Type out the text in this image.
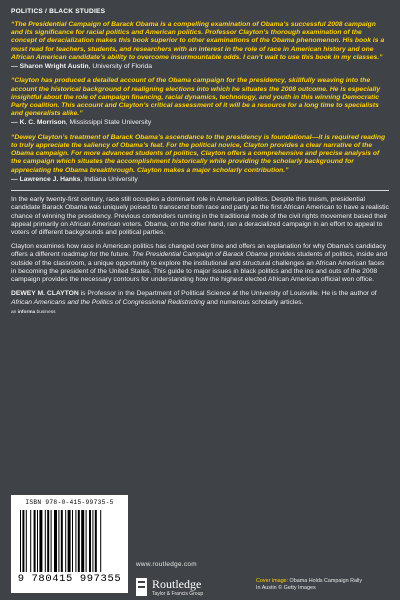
POLITICS / BLACK STUDIES

“The Presidential Campaign of Barack Obama is a compelling examination of Obama’s successful 2008 campaign and its significance for racial politics and American politics. Professor Clayton’s thorough examination of the concept of deracialization makes this book superior to other examinations of the Obama phenomenon. His book is a must read for teachers, students, and researchers with an interest in the role of race in American history and one African American candidate’s ability to overcome insurmountable odds. I can’t wait to use this book in my classes.”

— Sharon Wright Austin, University of Florida

“Clayton has produced a detailed account of the Obama campaign for the presidency, skillfully weaving into the account the historical background of realigning elections into which he situates the 2008 outcome. He is especially insightful about the role of campaign financing, racial dynamics, technology, and youth in this winning Democratic Party coalition. This account and Clayton’s critical assessment of it will be a resource for a long time to specialists and generalists alike.”

— K. C. Morrison, Mississippi State University

“Dewey Clayton’s treatment of Barack Obama’s ascendance to the presidency is foundational—it is required reading to truly appreciate the saliency of Obama’s feat. For the political novice, Clayton provides a clear narrative of the Obama campaign. For more advanced students of politics, Clayton offers a comprehensive and precise analysis of the campaign which situates the accomplishment historically while providing the scholarly background for appreciating the Obama breakthrough. Clayton makes a major scholarly contribution.”

— Lawrence J. Hanks, Indiana University

In the early twenty-first century, race still occupies a dominant role in American politics. Despite this truism, presidential candidate Barack Obama was uniquely poised to transcend both race and party as the first African American to have a realistic chance of winning the presidency. Previous contenders running in the traditional mode of the civil rights movement based their appeal primarily on African American voters. Obama, on the other hand, ran a deracialized campaign in an effort to appeal to voters of different backgrounds and political parties.

Clayton examines how race in American politics has changed over time and offers an explanation for why Obama’s candidacy offers a different roadmap for the future. The Presidential Campaign of Barack Obama provides students of politics, inside and outside of the classroom, a unique opportunity to explore the institutional and structural challenges an African American faces in becoming the president of the United States. This guide to major issues in black politics and the ins and outs of the 2008 campaign provides the necessary contours for understanding how the highest elected African American official won office.

DEWEY M. CLAYTON is Professor in the Department of Political Science at the University of Louisville. He is the author of African Americans and the Politics of Congressional Redistricting and numerous scholarly articles.

an informa business
ISBN 978-0-415-99735-5
9 780415 997355
www.routledge.com
Routledge
Taylor & Francis Group
Cover image: Obama Holds Campaign Rally
In Austin © Getty Images
